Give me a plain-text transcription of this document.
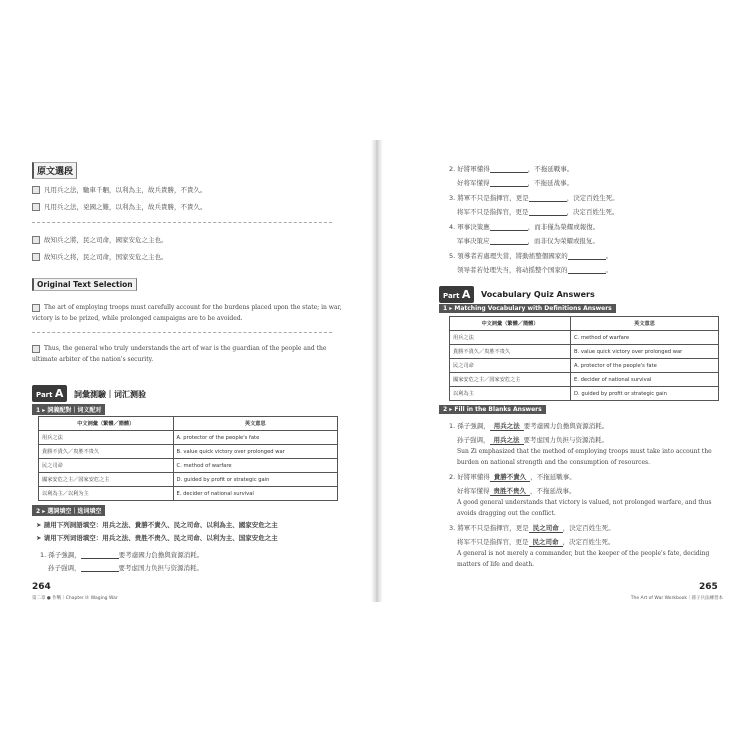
原文選段
凡用兵之法，馳車千駟，以利為主，故兵貴勝，不貴久。
凡用兵之法，兇國之難，以利為主，故兵貴勝，不貴久。
故知兵之將，民之司命，國家安危之主也。
故知兵之将，民之司命，国家安危之主也。
Original Text Selection
The art of employing troops must carefully account for the burdens placed upon the state; in war, victory is to be prized, while prolonged campaigns are to be avoided.
Thus, the general who truly understands the art of war is the guardian of the people and the ultimate arbiter of the nation's security.
Part A	詞彙測驗｜词汇测验
1 ▸ 詞義配對｜词义配对
中文詞彙（繁體／簡體）	英文意思
用兵之法	A. protector of the people's fate
貴勝不貴久／贵胜不贵久	B. value quick victory over prolonged war
民之司命	C. method of warfare
國家安危之主／国家安危之主	D. guided by profit or strategic gain
以利為主／以利为主	E. decider of national survival
2 ▸ 選詞填空｜选词填空
➤ 請用下列詞語填空：用兵之法、貴勝不貴久、民之司命、以利為主、國家安危之主
➤ 请用下列词语填空：用兵之法、贵胜不贵久、民之司命、以利为主、国家安危之主
1. 孫子強調，	要考慮國力負擔與資源消耗。
孙子强调，	要考虑国力负担与资源消耗。
264
第二章 ● 作戰｜Chapter II: Waging War
2. 好將軍懂得	，不拖延戰事。
好将军懂得	，不拖延战事。
3. 將軍不只是指揮官，更是	，決定百姓生死。
将军不只是指挥官，更是	，决定百姓生死。
4. 軍事決策應	，而非僅為榮耀或報復。
军事决策应	，而非仅为荣耀或报复。
5. 領導者若處理失當，將動搖整個國家的	。
领导者若处理失当，将动摇整个国家的	。
Part A	Vocabulary Quiz Answers
1 ▸ Matching Vocabulary with Definitions Answers
中文詞彙（繁體／簡體）	英文意思
用兵之法	C. method of warfare
貴勝不貴久／贵胜不贵久	B. value quick victory over prolonged war
民之司命	A. protector of the people's fate
國家安危之主／国家安危之主	E. decider of national survival
以利為主	D. guided by profit or strategic gain
2 ▸ Fill in the Blanks Answers
1. 孫子強調， 用兵之法 要考慮國力負擔與資源消耗。
孙子强调， 用兵之法 要考虑国力负担与资源消耗。
Sun Zi emphasized that the method of employing troops must take into account the burden on national strength and the consumption of resources.
2. 好將軍懂得 貴勝不貴久 ，不拖延戰事。
好将军懂得 贵胜不贵久 ，不拖延战事。
A good general understands that victory is valued, not prolonged warfare, and thus avoids dragging out the conflict.
3. 將軍不只是指揮官，更是 民之司命 ，決定百姓生死。
将军不只是指挥官，更是 民之司命 ，决定百姓生死。
A general is not merely a commander, but the keeper of the people's fate, deciding matters of life and death.
265
The Art of War Workbook｜孫子兵法練習本
